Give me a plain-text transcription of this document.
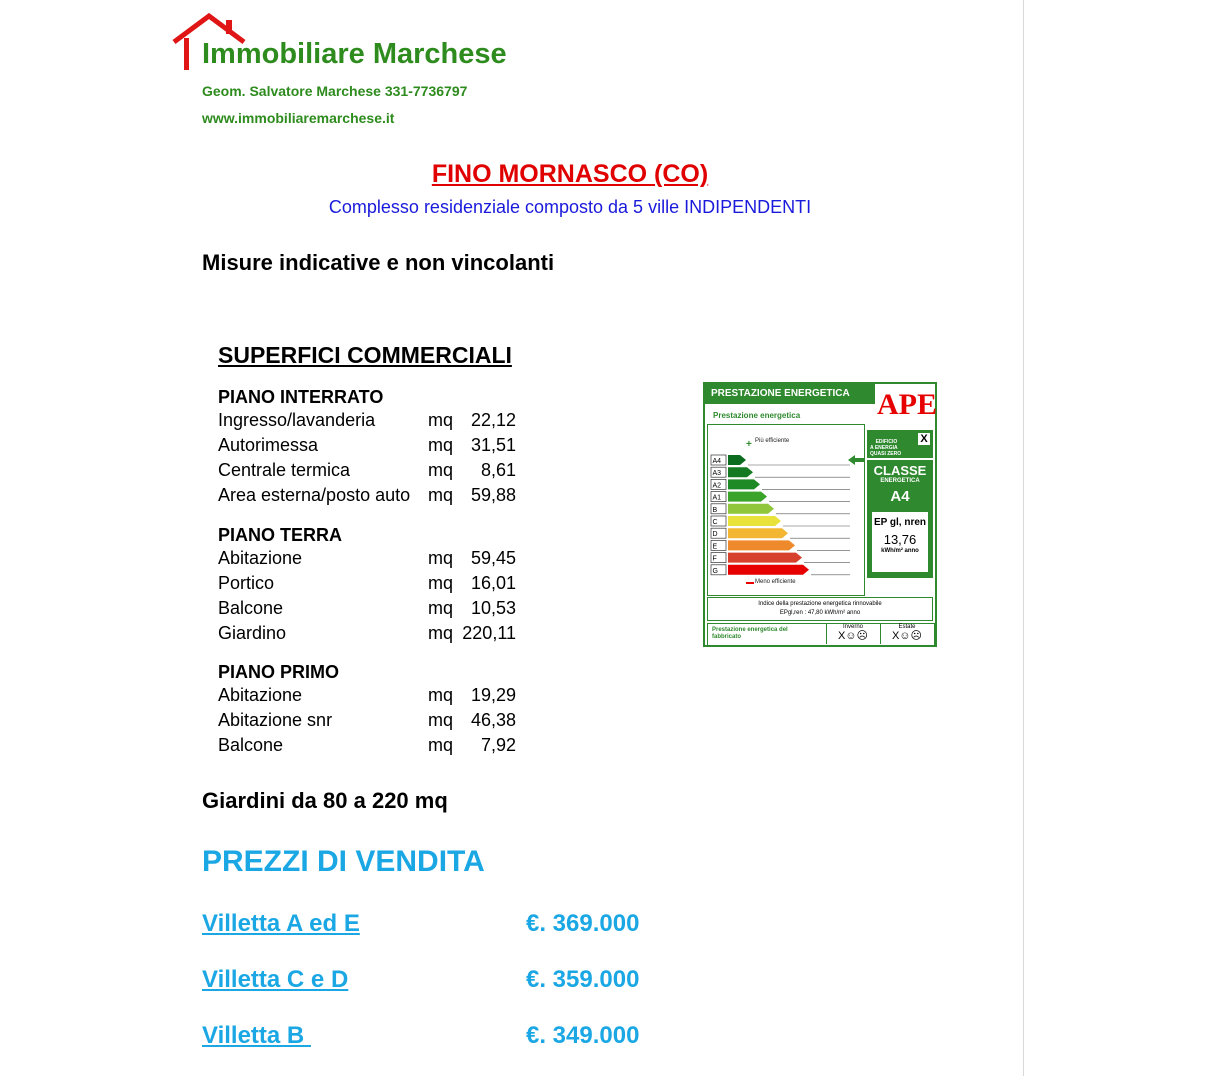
Immobiliare Marchese
Geom. Salvatore Marchese 331-7736797
www.immobiliaremarchese.it
FINO MORNASCO (CO)
Complesso residenziale composto da 5 ville INDIPENDENTI
Misure indicative e non vincolanti
SUPERFICI COMMERCIALI
PIANO INTERRATO
Ingresso/lavanderia	mq 22,12
Autorimessa	mq 31,51
Centrale termica	mq	8,61
Area esterna/posto auto mq 59,88
PIANO TERRA
Abitazione	mq 59,45
Portico	mq 16,01
Balcone	mq 10,53
Giardino	mq 220,11
PIANO PRIMO
Abitazione	mq 19,29
Abitazione snr	mq 46,38
Balcone	mq	7,92
Giardini da 80 a 220 mq
PREZZI DI VENDITA
Villetta A ed E	€. 369.000
Villetta C e D	€. 359.000
Villetta B	€. 349.000
PRESTAZIONE ENERGETICA APE
A4
A3
A2
A1
B
C
D
E
F
G
+
Prestazione energetica
Più efficiente
Meno efficiente

EDIFICIO
A ENERGIA
QUASI ZERO

X

CLASSE
ENERGETICA
A4
EP gl, nren
13,76
kWh/m² anno
Indice della prestazione energetica rinnovabile
EPgl,ren : 47,80 kWh/m² anno
Prestazione energetica del fabbricato
Inverno
X☺☹
Estate
X☺☹
